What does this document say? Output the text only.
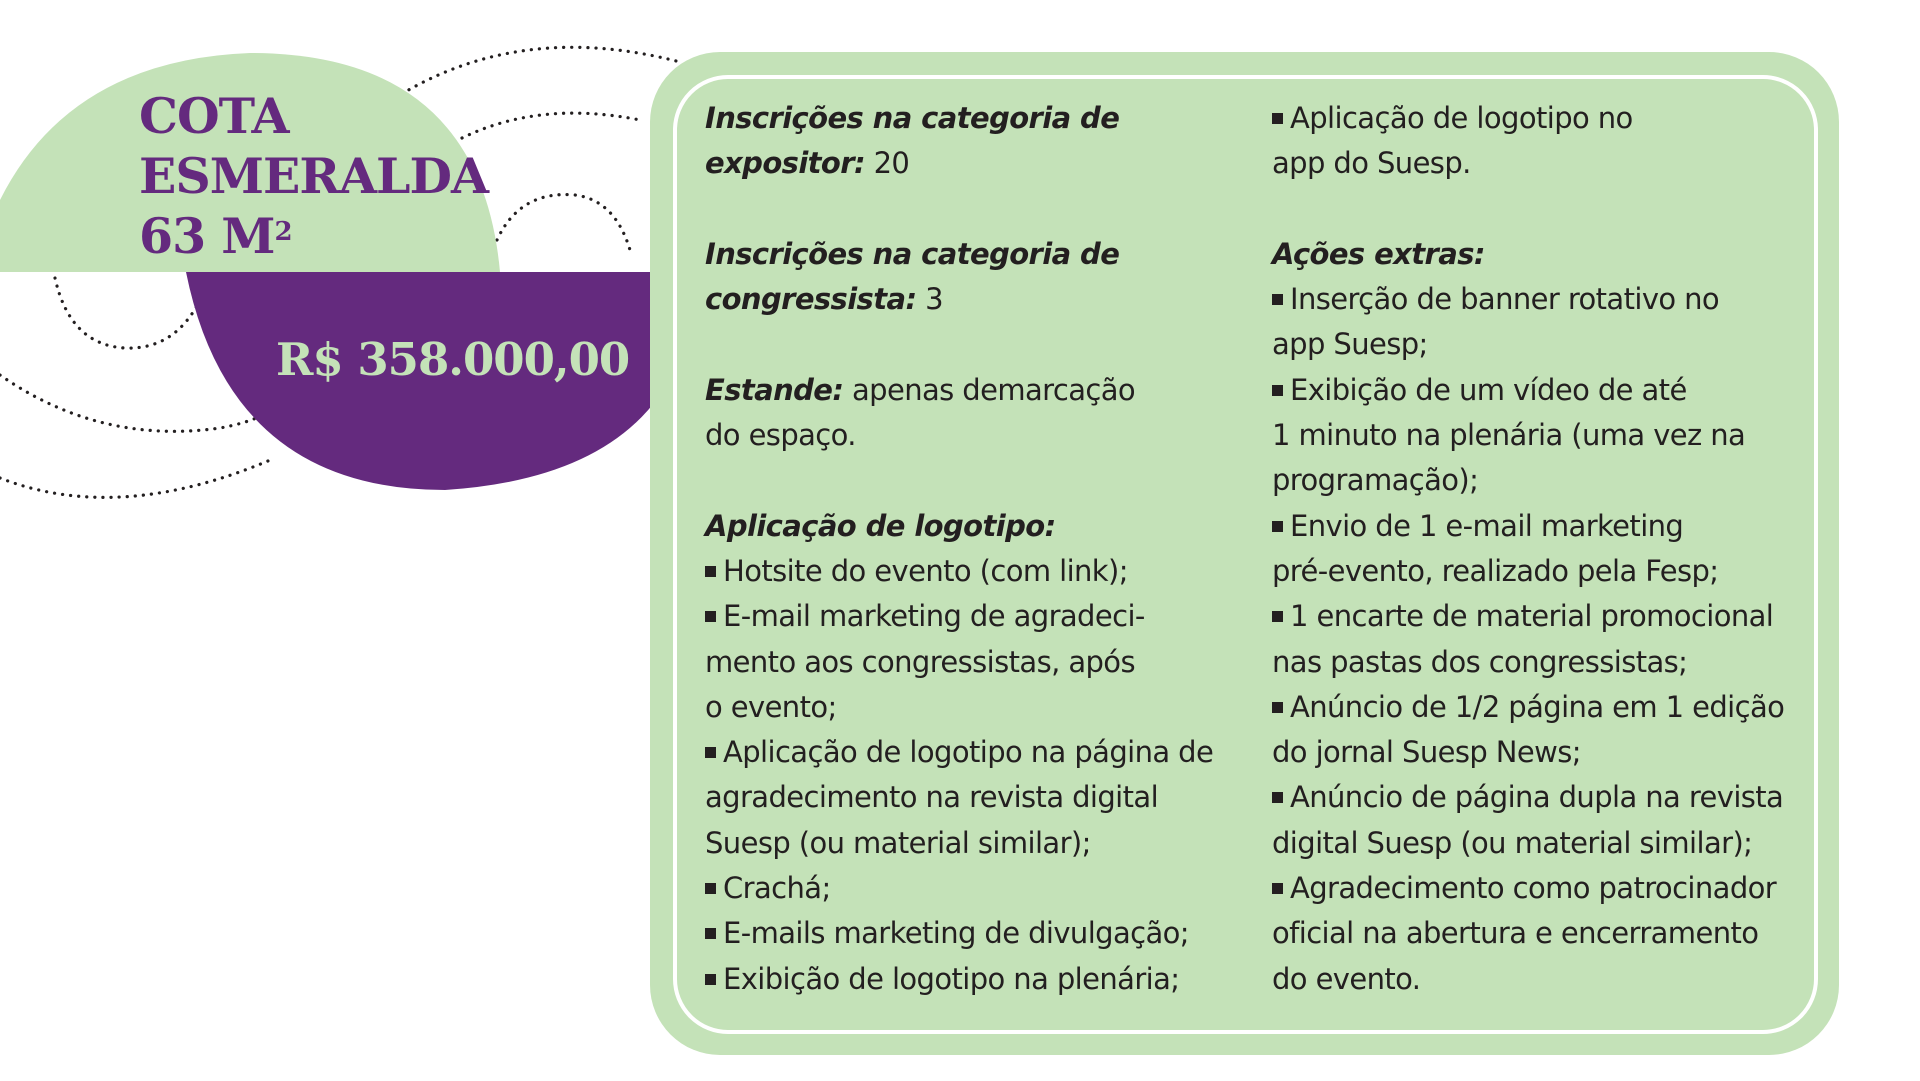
COTA
ESMERALDA
63 $M^2$
R$ 358.000,00
Inscrições na categoria de
expositor: 20
Inscrições na categoria de
congressista: 3
Estande: apenas demarcação
do espaço.
Aplicação de logotipo:
Hotsite do evento (com link);
E-mail marketing de agradeci-
mento aos congressistas, após
o evento;
Aplicação de logotipo na página de
agradecimento na revista digital
Suesp (ou material similar);
Crachá;
E-mails marketing de divulgação;
Exibição de logotipo na plenária;
Aplicação de logotipo no
app do Suesp.
Ações extras:
Inserção de banner rotativo no
app Suesp;
Exibição de um vídeo de até
1 minuto na plenária (uma vez na
programação);
Envio de 1 e-mail marketing
pré-evento, realizado pela Fesp;
1 encarte de material promocional
nas pastas dos congressistas;
Anúncio de 1/2 página em 1 edição
do jornal Suesp News;
Anúncio de página dupla na revista
digital Suesp (ou material similar);
Agradecimento como patrocinador
oficial na abertura e encerramento
do evento.
